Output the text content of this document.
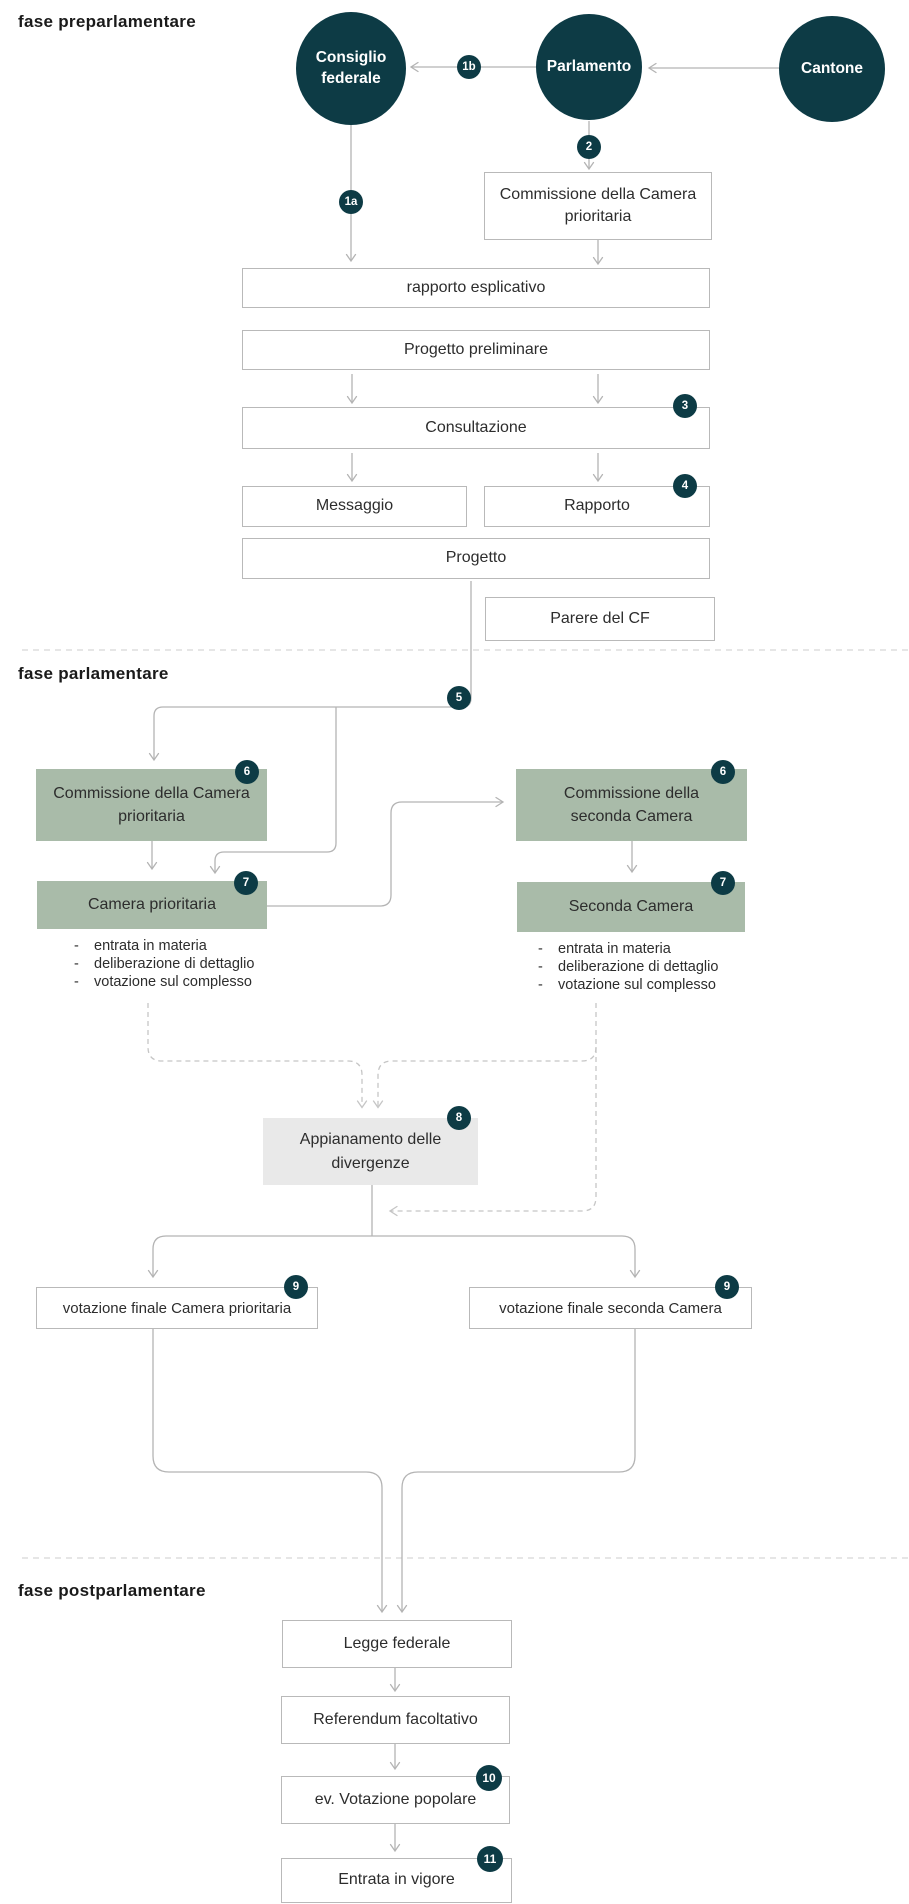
fase preparlamentare
fase parlamentare
fase postparlamentare
Consiglio federale
Parlamento	Cantone
Commissione della Camera prioritaria
rapporto esplicativo
Progetto preliminare
Consultazione
Messaggio	Rapporto
Progetto
Parere del CF
Commissione della Camera prioritaria
Camera prioritaria
Commissione della seconda Camera
Seconda Camera
-	entrata in materia
-	deliberazione di dettaglio
-	votazione sul complesso
-	entrata in materia
-	deliberazione di dettaglio
-	votazione sul complesso
Appianamento delle divergenze
votazione finale Camera prioritaria	votazione finale seconda Camera
Legge federale
Referendum facoltativo
ev. Votazione popolare
Entrata in vigore
1a
1b
2
3
4
5
6	6
7	7
8
9	9
10
11
